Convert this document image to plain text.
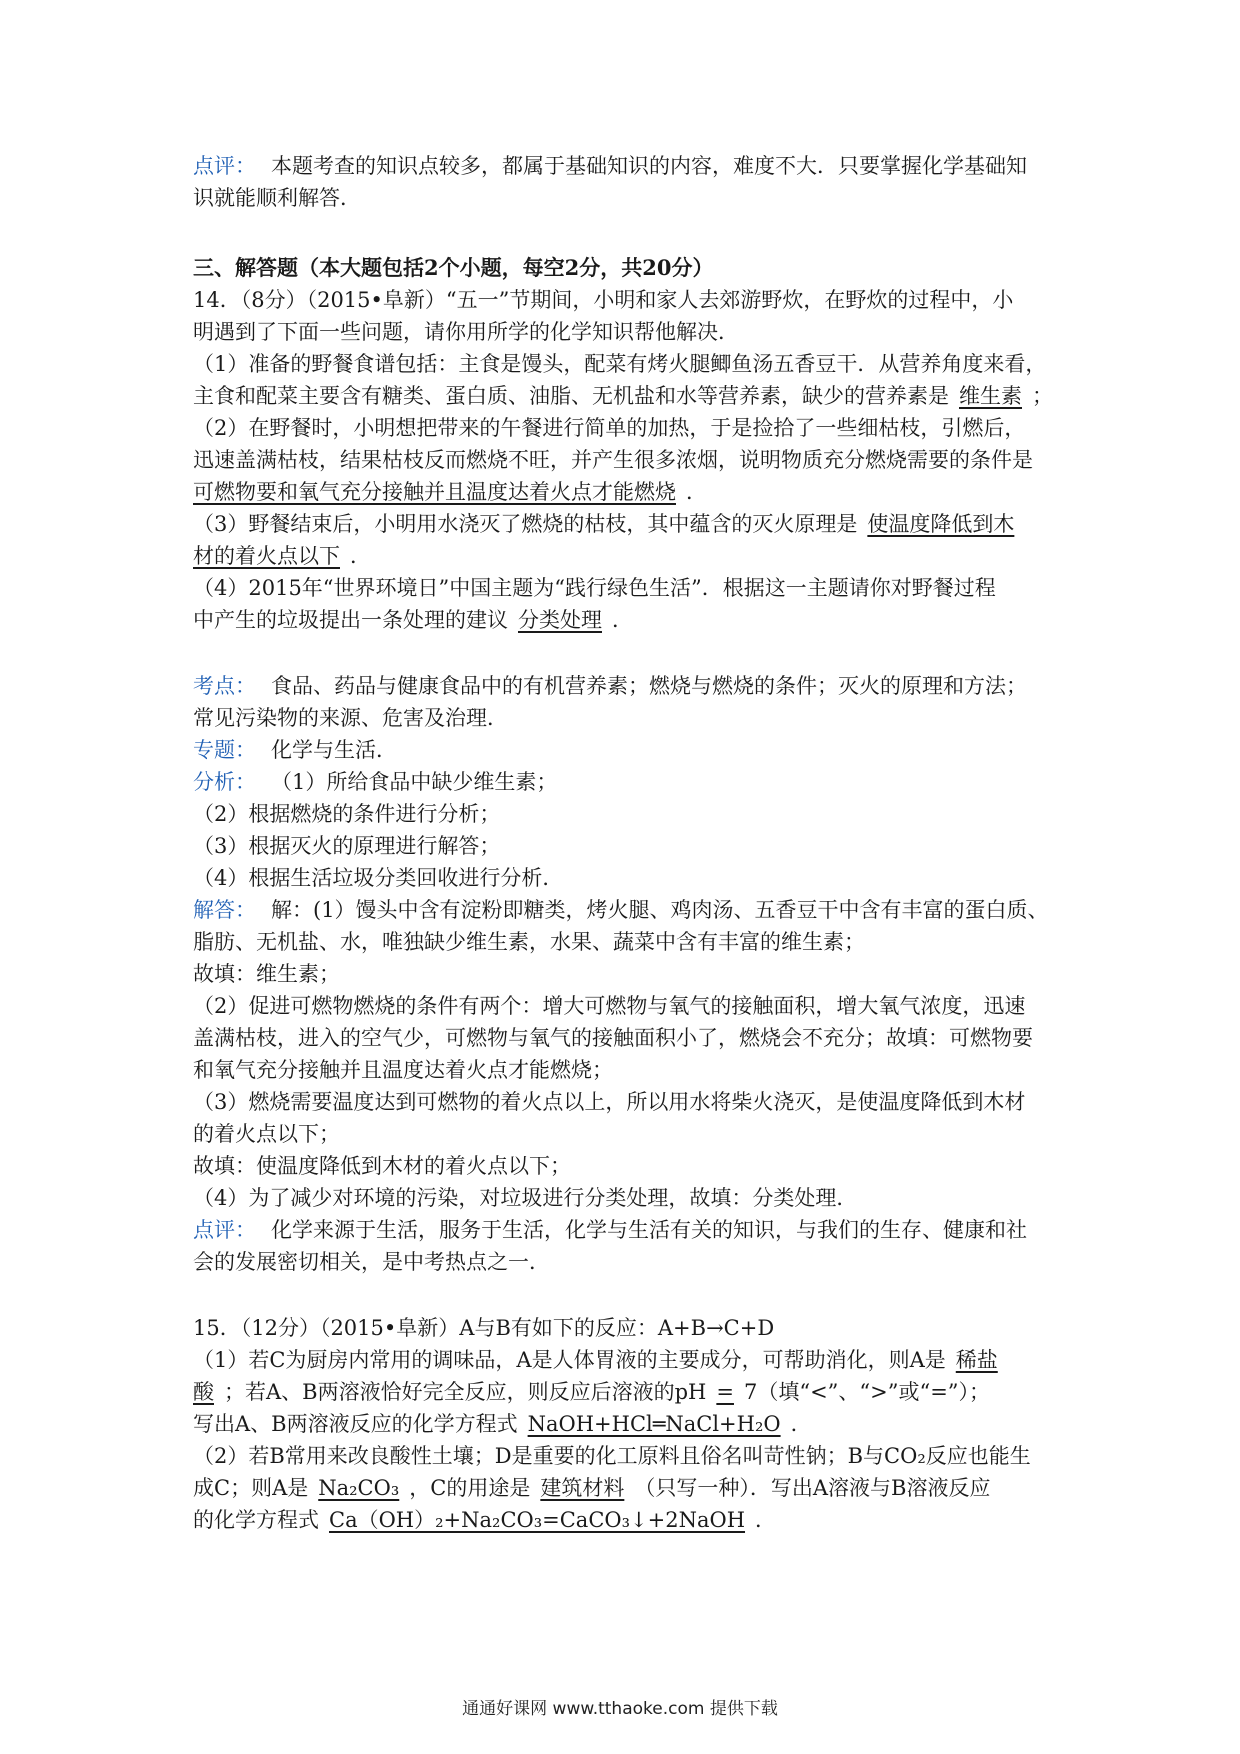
点评： 本题考查的知识点较多，都属于基础知识的内容，难度不大．只要掌握化学基础知
识就能顺利解答．
三、解答题（本大题包括2个小题，每空2分，共20分）
14．（8分）（2015•阜新）“五一”节期间，小明和家人去郊游野炊，在野炊的过程中，小
明遇到了下面一些问题，请你用所学的化学知识帮他解决．
（1）准备的野餐食谱包括：主食是馒头，配菜有烤火腿鲫鱼汤五香豆干．从营养角度来看，
主食和配菜主要含有糖类、蛋白质、油脂、无机盐和水等营养素，缺少的营养素是 维生素 ；
（2）在野餐时，小明想把带来的午餐进行简单的加热，于是捡拾了一些细枯枝，引燃后，
迅速盖满枯枝，结果枯枝反而燃烧不旺，并产生很多浓烟，说明物质充分燃烧需要的条件是
可燃物要和氧气充分接触并且温度达着火点才能燃烧 ．
（3）野餐结束后，小明用水浇灭了燃烧的枯枝，其中蕴含的灭火原理是 使温度降低到木
材的着火点以下 ．
（4）2015年“世界环境日”中国主题为“践行绿色生活”．根据这一主题请你对野餐过程
中产生的垃圾提出一条处理的建议 分类处理 ．
考点： 食品、药品与健康食品中的有机营养素；燃烧与燃烧的条件；灭火的原理和方法；
常见污染物的来源、危害及治理．
专题： 化学与生活．
分析： （1）所给食品中缺少维生素；
（2）根据燃烧的条件进行分析；
（3）根据灭火的原理进行解答；
（4）根据生活垃圾分类回收进行分析．
解答： 解：(1）馒头中含有淀粉即糖类，烤火腿、鸡肉汤、五香豆干中含有丰富的蛋白质、
脂肪、无机盐、水，唯独缺少维生素，水果、蔬菜中含有丰富的维生素；
故填：维生素；
（2）促进可燃物燃烧的条件有两个：增大可燃物与氧气的接触面积，增大氧气浓度，迅速
盖满枯枝，进入的空气少，可燃物与氧气的接触面积小了，燃烧会不充分；故填：可燃物要
和氧气充分接触并且温度达着火点才能燃烧；
（3）燃烧需要温度达到可燃物的着火点以上，所以用水将柴火浇灭，是使温度降低到木材
的着火点以下；
故填：使温度降低到木材的着火点以下；
（4）为了减少对环境的污染，对垃圾进行分类处理，故填：分类处理．
点评： 化学来源于生活，服务于生活，化学与生活有关的知识，与我们的生存、健康和社
会的发展密切相关，是中考热点之一．
15．（12分）（2015•阜新）A与B有如下的反应：A+B→C+D
（1）若C为厨房内常用的调味品，A是人体胃液的主要成分，可帮助消化，则A是 稀盐
酸 ；若A、B两溶液恰好完全反应，则反应后溶液的pH = 7（填“<”、“>”或“=”）；
写出A、B两溶液反应的化学方程式 NaOH+HCl═NaCl+H₂O ．
（2）若B常用来改良酸性土壤；D是重要的化工原料且俗名叫苛性钠；B与CO₂反应也能生
成C；则A是 Na₂CO₃ ，C的用途是 建筑材料 （只写一种）．写出A溶液与B溶液反应
的化学方程式 Ca（OH）₂+Na₂CO₃=CaCO₃↓+2NaOH ．
通通好课网 www.tthaoke.com 提供下载
